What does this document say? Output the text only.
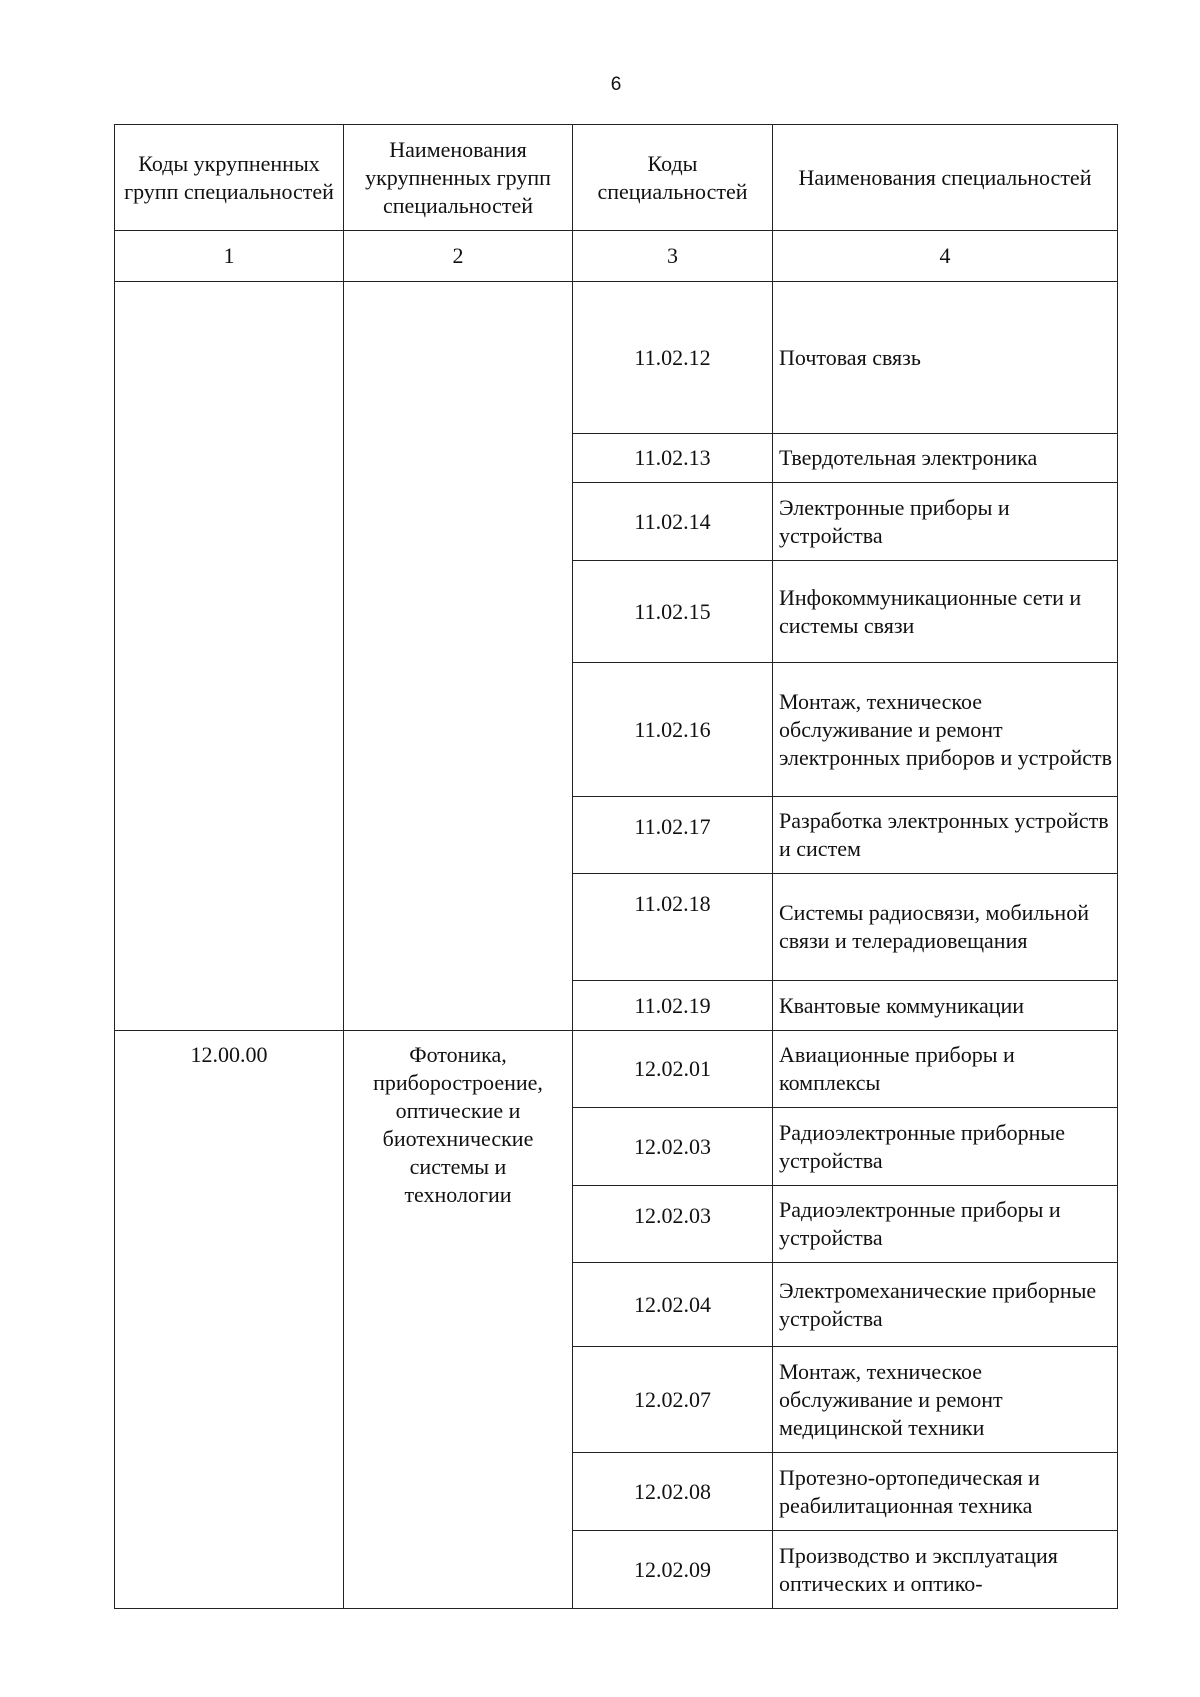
6
Коды укрупненных групп специальностей	Наименования укрупненных групп специальностей	Коды специальностей	Наименования специальностей
1	2	3	4
		11.02.12	Почтовая связь
		11.02.13	Твердотельная электроника
		11.02.14	Электронные приборы и устройства
		11.02.15	Инфокоммуникационные сети и системы связи
		11.02.16	Монтаж, техническое обслуживание и ремонт электронных приборов и устройств
		11.02.17	Разработка электронных устройств и систем
		11.02.18	Системы радиосвязи, мобильной связи и телерадиовещания
		11.02.19	Квантовые коммуникации
12.00.00	Фотоника, приборостроение, оптические и биотехнические системы и технологии	12.02.01	Авиационные приборы и комплексы
		12.02.03	Радиоэлектронные приборные устройства
		12.02.03	Радиоэлектронные приборы и устройства
		12.02.04	Электромеханические приборные устройства
		12.02.07	Монтаж, техническое обслуживание и ремонт медицинской техники
		12.02.08	Протезно-ортопедическая и реабилитационная техника
		12.02.09	Производство и эксплуатация оптических и оптико-
